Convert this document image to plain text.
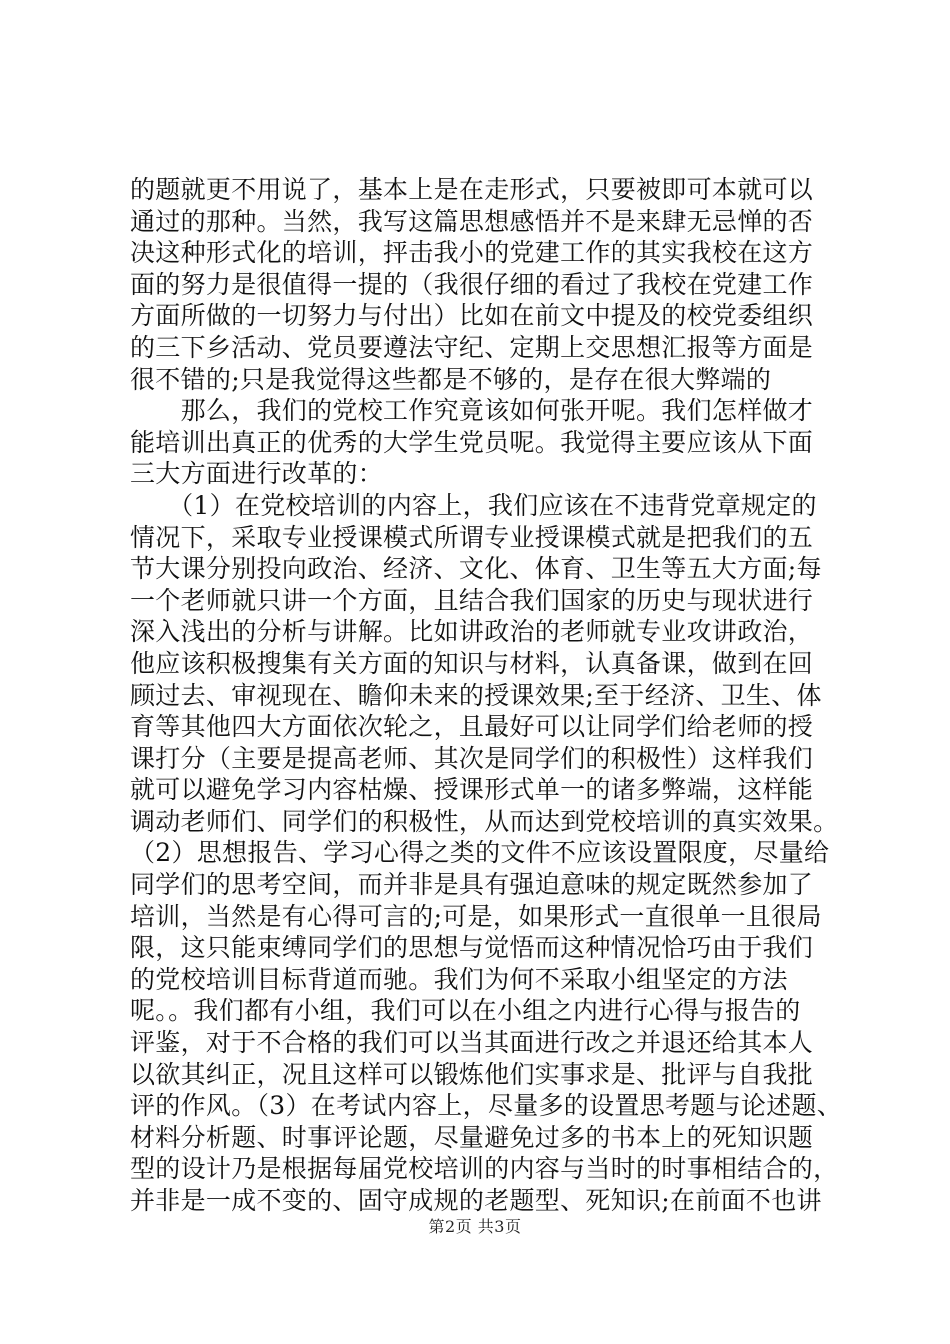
的题就更不用说了，基本上是在走形式，只要被即可本就可以
通过的那种。当然，我写这篇思想感悟并不是来肆无忌惮的否
决这种形式化的培训，抨击我小的党建工作的其实我校在这方
面的努力是很值得一提的（我很仔细的看过了我校在党建工作
方面所做的一切努力与付出）比如在前文中提及的校党委组织
的三下乡活动、党员要遵法守纪、定期上交思想汇报等方面是
很不错的;只是我觉得这些都是不够的，是存在很大弊端的
　　那么，我们的党校工作究竟该如何张开呢。我们怎样做才
能培训出真正的优秀的大学生党员呢。我觉得主要应该从下面
三大方面进行改革的：
　　（1）在党校培训的内容上，我们应该在不违背党章规定的
情况下，采取专业授课模式所谓专业授课模式就是把我们的五
节大课分别投向政治、经济、文化、体育、卫生等五大方面;每
一个老师就只讲一个方面，且结合我们国家的历史与现状进行
深入浅出的分析与讲解。比如讲政治的老师就专业攻讲政治，
他应该积极搜集有关方面的知识与材料，认真备课，做到在回
顾过去、审视现在、瞻仰未来的授课效果;至于经济、卫生、体
育等其他四大方面依次轮之，且最好可以让同学们给老师的授
课打分（主要是提高老师、其次是同学们的积极性）这样我们
就可以避免学习内容枯燥、授课形式单一的诸多弊端，这样能
调动老师们、同学们的积极性，从而达到党校培训的真实效果。
（2）思想报告、学习心得之类的文件不应该设置限度，尽量给
同学们的思考空间，而并非是具有强迫意味的规定既然参加了
培训，当然是有心得可言的;可是，如果形式一直很单一且很局
限，这只能束缚同学们的思想与觉悟而这种情况恰巧由于我们
的党校培训目标背道而驰。我们为何不采取小组坚定的方法
呢。。我们都有小组，我们可以在小组之内进行心得与报告的
评鉴，对于不合格的我们可以当其面进行改之并退还给其本人
以欲其纠正，况且这样可以锻炼他们实事求是、批评与自我批
评的作风。（3）在考试内容上，尽量多的设置思考题与论述题、
材料分析题、时事评论题，尽量避免过多的书本上的死知识题
型的设计乃是根据每届党校培训的内容与当时的时事相结合的，
并非是一成不变的、固守成规的老题型、死知识;在前面不也讲
第2页 共3页
